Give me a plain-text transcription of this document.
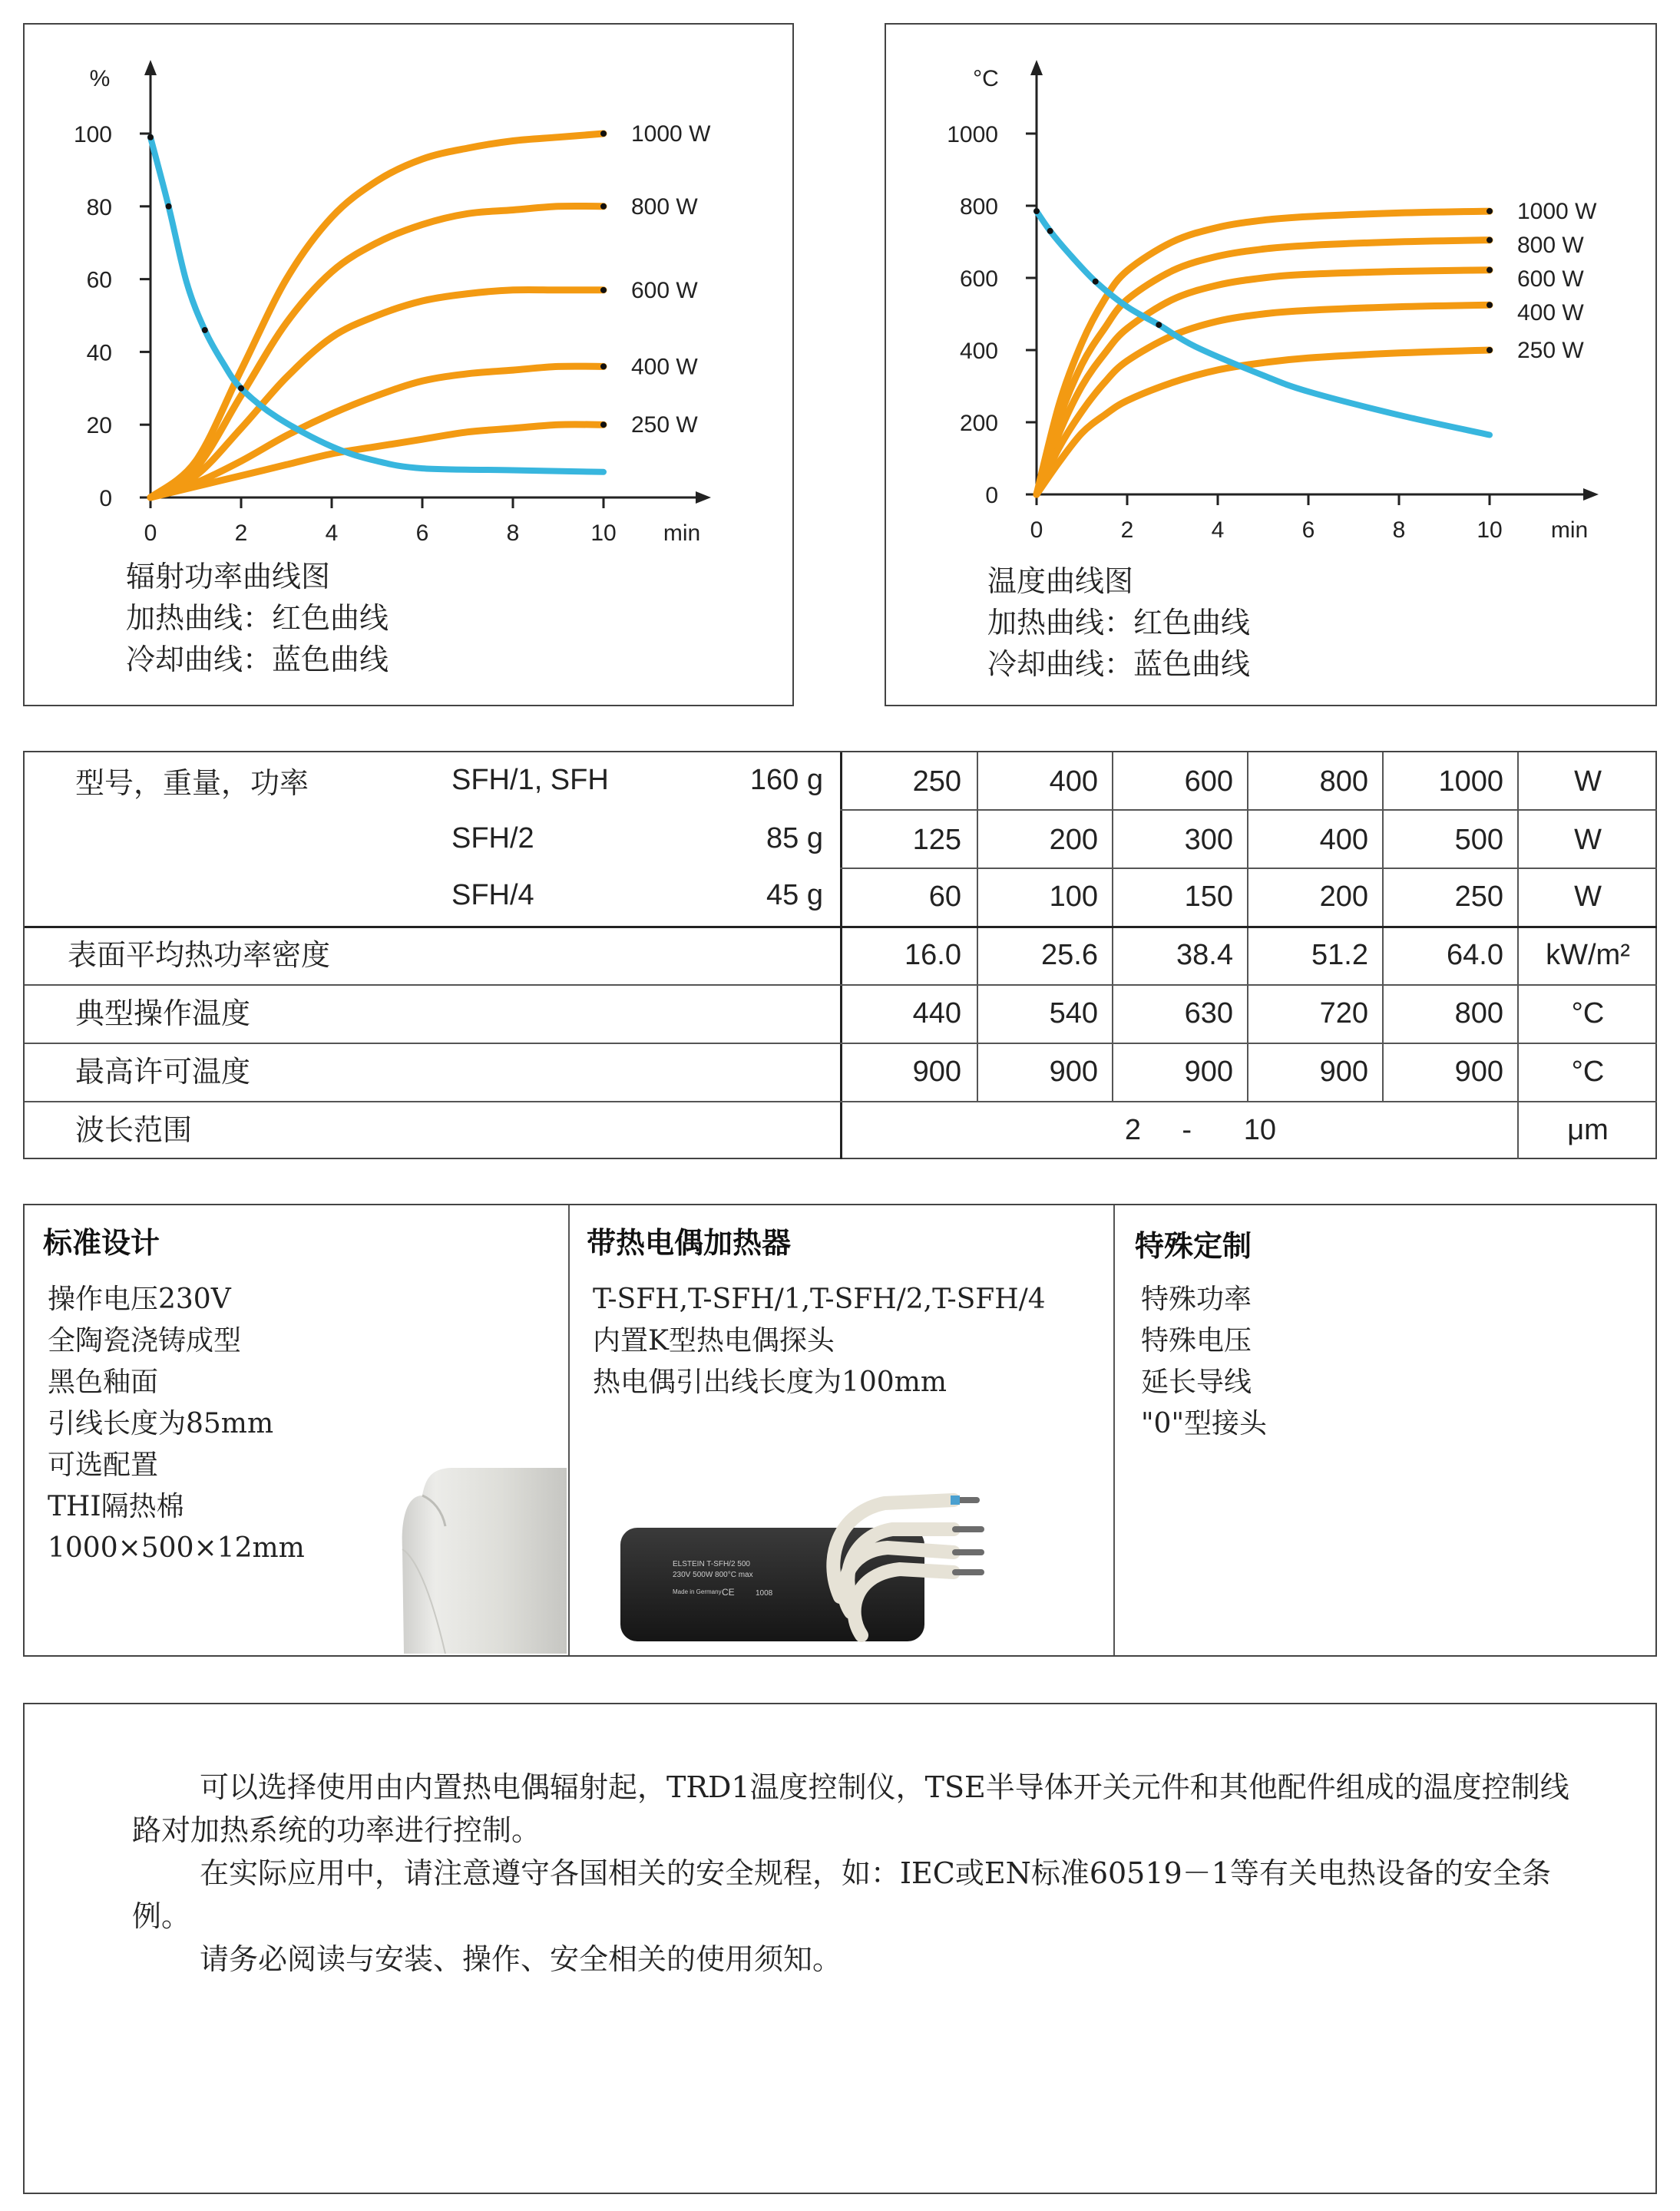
0
20
40
60
80
100
0	2	4	6	8	10 min
%
1000 W
800 W
600 W
400 W
250 W
辐射功率曲线图
加热曲线：红色曲线
冷却曲线：蓝色曲线
0
200
400
600
800
1000
0	2	4	6	8	10 min
°C
1000 W
800 W
600 W
400 W
250 W
温度曲线图
加热曲线：红色曲线
冷却曲线：蓝色曲线
型号，重量，功率	SFH/1, SFH	160 g	250	400	600	800	1000	W
SFH/2	85 g	125	200	300	400	500	W
SFH/4	45 g	60	100	150	200	250	W
表面平均热功率密度	16.0	25.6	38.4	51.2	64.0	kW/m²
典型操作温度	440	540	630	720	800	°C
最高许可温度	900	900	900	900	900	°C
波长范围	2	-	10	μm
标准设计
操作电压230V
全陶瓷浇铸成型
黑色釉面
引线长度为85mm
可选配置
THI隔热棉
1000×500×12mm
带热电偶加热器
T-SFH,T-SFH/1,T-SFH/2,T-SFH/4
内置K型热电偶探头
热电偶引出线长度为100mm
ELSTEIN T-SFH/2 500
230V 500W 800°C max
Made in Germany CE	1008
特殊定制
特殊功率
特殊电压
延长导线
"0"型接头

可以选择使用由内置热电偶辐射起，TRD1温度控制仪，TSE半导体开关元件和其他配件组成的温度控制线路对加热系统的功率进行控制。

在实际应用中，请注意遵守各国相关的安全规程，如：IEC或EN标准60519－1等有关电热设备的安全条例。

请务必阅读与安装、操作、安全相关的使用须知。
